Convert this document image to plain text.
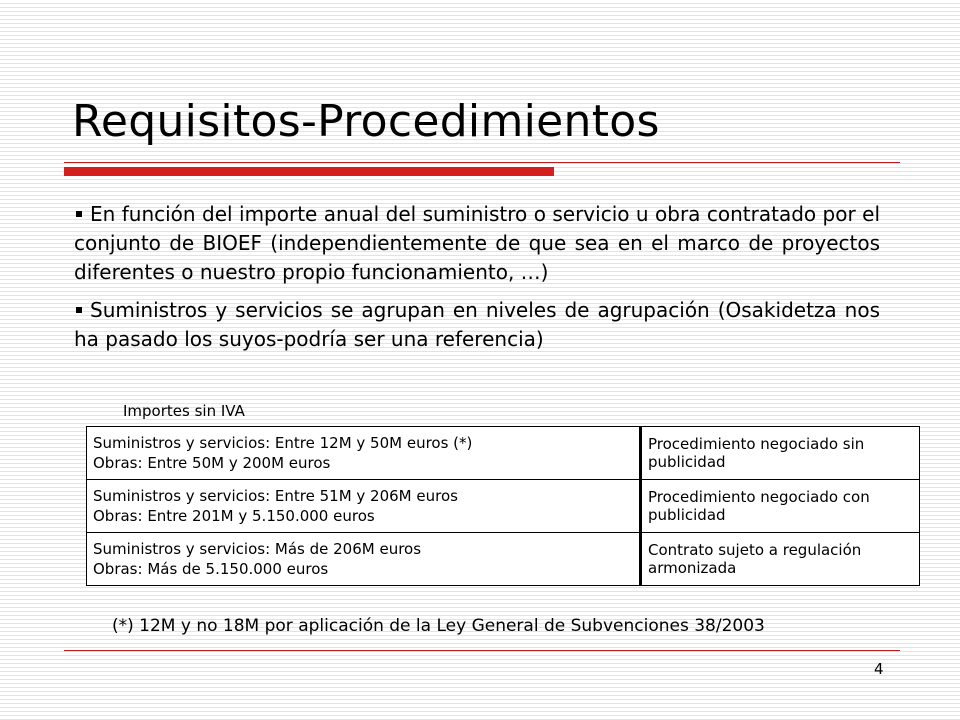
Requisitos-Procedimientos
En función del importe anual del suministro o servicio u obra contratado por el conjunto de BIOEF (independientemente de que sea en el marco de proyectos diferentes o nuestro propio funcionamiento, …)
Suministros y servicios se agrupan en niveles de agrupación (Osakidetza nos ha pasado los suyos-podría ser una referencia)
Importes sin IVA
Suministros y servicios: Entre 12M y 50M euros (*)
Obras: Entre 50M y 200M euros	Procedimiento negociado sin publicidad

Suministros y servicios: Entre 51M y 206M euros
Obras: Entre 201M y 5.150.000 euros	Procedimiento negociado con publicidad

Suministros y servicios: Más de 206M euros
Obras: Más de 5.150.000 euros	Contrato sujeto a regulación armonizada
(*) 12M y no 18M por aplicación de la Ley General de Subvenciones 38/2003
4
